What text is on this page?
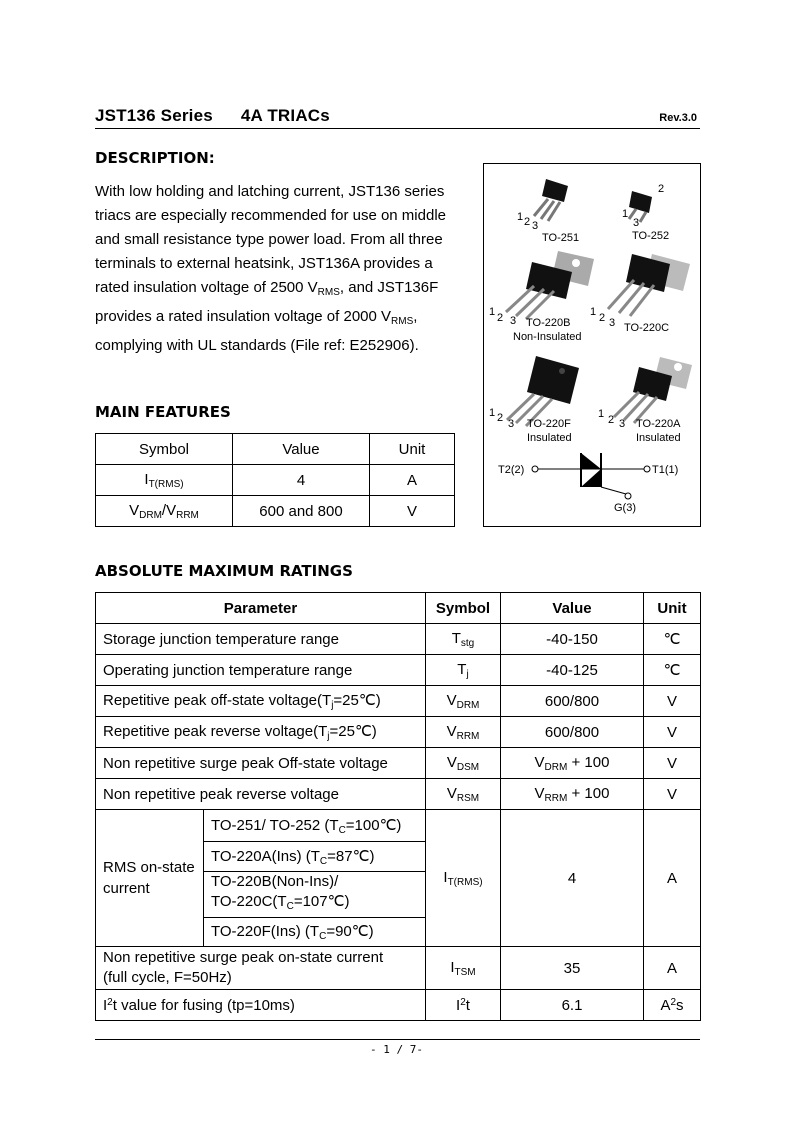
JST136 Series 4A TRIACs	Rev.3.0
DESCRIPTION:
With low holding and latching current, JST136 series triacs are especially recommended for use on middle and small resistance type power load. From all three terminals to external heatsink, JST136A provides a rated insulation voltage of 2500 $V_{RMS}$, and JST136F provides a rated insulation voltage of 2000 $V_{RMS}$, complying with UL standards (File ref: E252906).
MAIN FEATURES
Symbol	Value	Unit
$I_{T(RMS)}$	4	A
$V_{DRM}/V_{RRM}$	600 and 800	V
1 2 3
TO-251
2
1
3
TO-252
1 2 3 TO-220B
Non-Insulated
1 2 3 TO-220C
1 2 3 TO-220F
Insulated
1 2 3 TO-220A
Insulated
T2(2)	T1(1)
G(3)
ABSOLUTE MAXIMUM RATINGS
Parameter		Symbol	Value	Unit
Storage junction temperature range		$T_{stg}$	-40-150	℃
Operating junction temperature range		$T_j$	-40-125	℃
Repetitive peak off-state $voltage(T_j=25℃)$		$V_{DRM}$	600/800	V
Repetitive peak reverse $voltage(T_j=25℃)$		$V_{RRM}$	600/800	V
Non repetitive surge peak Off-state voltage		$V_{DSM}$	$V_{DRM} + 100$	V
Non repetitive peak reverse voltage		$V_{RSM}$	$V_{RRM} + 100$	V
RMS on-state
current	TO-251/ TO-252 $(T_C=100℃)$	$I_{T(RMS)}$	4	A
	TO-220A(Ins) $(T_C=87℃)$			
	TO-220B(Non-Ins)/
$TO-220C(T_C=107℃)$			
	TO-220F(Ins) $(T_C=90℃)$			
Non repetitive surge peak on-state current
(full cycle, F=50Hz)		$I_{TSM}$	35	A
$I^2t$ value for fusing (tp=10ms)		$I^2t$	6.1	$A^2s$
- 1 / 7-
